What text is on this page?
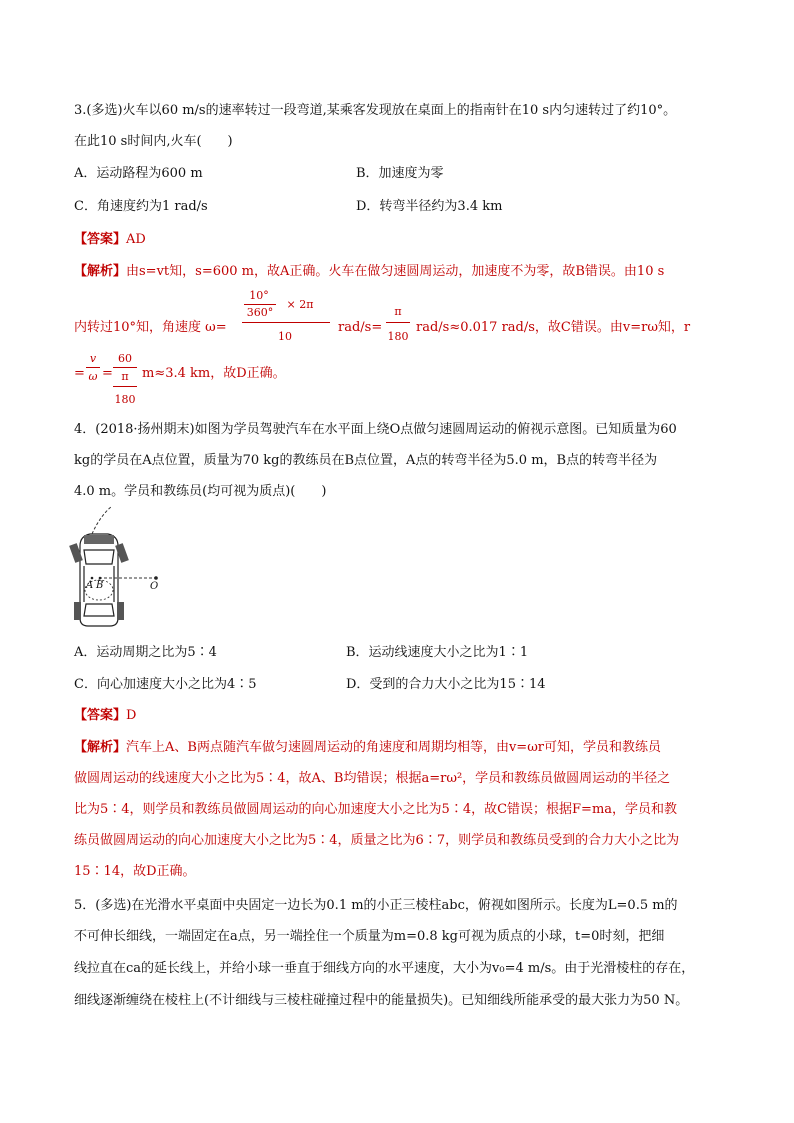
3.(多选)火车以60 m/s的速率转过一段弯道,某乘客发现放在桌面上的指南针在10 s内匀速转过了约10°。
在此10 s时间内,火车(　　)
A．运动路程为600 m	B．加速度为零
C．角速度约为1 rad/s	D．转弯半径约为3.4 km
【答案】AD
【解析】由s=vt知，s=600 m，故A正确。火车在做匀速圆周运动，加速度不为零，故B错误。由10 s
内转过10°知，角速度 ω=
10°
360°
× 2π
10
rad/s=
π
180
rad/s≈0.017 rad/s，故C错误。由v=rω知，r
=
v
ω =
60
π
180
m≈3.4 km，故D正确。
4．(2018·扬州期末)如图为学员驾驶汽车在水平面上绕O点做匀速圆周运动的俯视示意图。已知质量为60
kg的学员在A点位置，质量为70 kg的教练员在B点位置，A点的转弯半径为5.0 m，B点的转弯半径为
4.0 m。学员和教练员(均可视为质点)(　　)
A B	O
A．运动周期之比为5∶4	B．运动线速度大小之比为1∶1
C．向心加速度大小之比为4∶5	D．受到的合力大小之比为15∶14
【答案】D
【解析】汽车上A、B两点随汽车做匀速圆周运动的角速度和周期均相等，由v=ωr可知，学员和教练员
做圆周运动的线速度大小之比为5∶4，故A、B均错误；根据a=rω²，学员和教练员做圆周运动的半径之
比为5∶4，则学员和教练员做圆周运动的向心加速度大小之比为5∶4，故C错误；根据F=ma，学员和教
练员做圆周运动的向心加速度大小之比为5∶4，质量之比为6∶7，则学员和教练员受到的合力大小之比为
15∶14，故D正确。
5．(多选)在光滑水平桌面中央固定一边长为0.1 m的小正三棱柱abc，俯视如图所示。长度为L=0.5 m的
不可伸长细线，一端固定在a点，另一端拴住一个质量为m=0.8 kg可视为质点的小球，t=0时刻，把细
线拉直在ca的延长线上，并给小球一垂直于细线方向的水平速度，大小为v₀=4 m/s。由于光滑棱柱的存在，
细线逐渐缠绕在棱柱上(不计细线与三棱柱碰撞过程中的能量损失)。已知细线所能承受的最大张力为50 N。
